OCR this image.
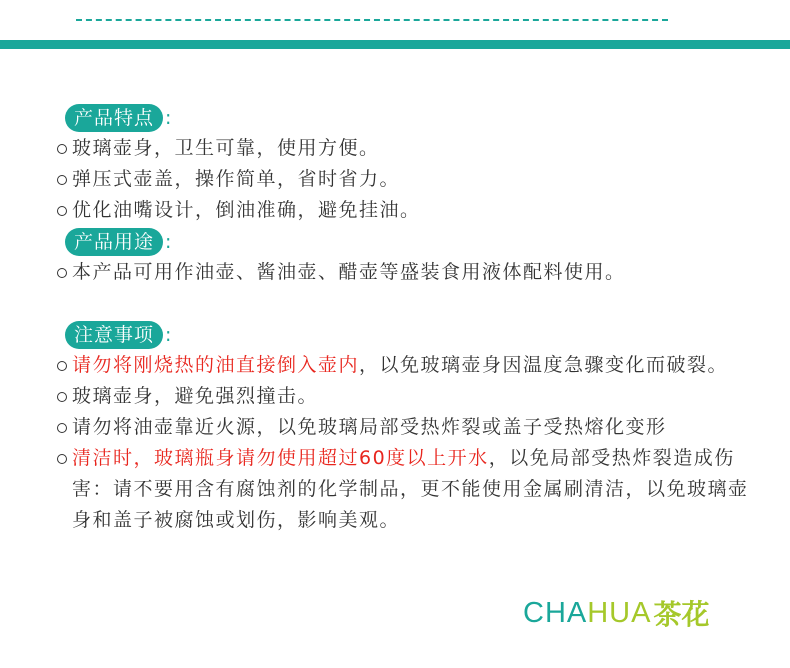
产品特点 :
玻璃壶身，卫生可靠，使用方便。
弹压式壶盖，操作简单，省时省力。
优化油嘴设计，倒油准确，避免挂油。
产品用途 :
本产品可用作油壶、酱油壶、醋壶等盛装食用液体配料使用。
注意事项 :
请勿将刚烧热的油直接倒入壶内，以免玻璃壶身因温度急骤变化而破裂。
玻璃壶身，避免强烈撞击。
请勿将油壶靠近火源，以免玻璃局部受热炸裂或盖子受热熔化变形
清洁时，玻璃瓶身请勿使用超过60度以上开水，以免局部受热炸裂造成伤害：请不要用含有腐蚀剂的化学制品，更不能使用金属刷清洁，以免玻璃壶身和盖子被腐蚀或划伤，影响美观。
CHAHUA 茶花
